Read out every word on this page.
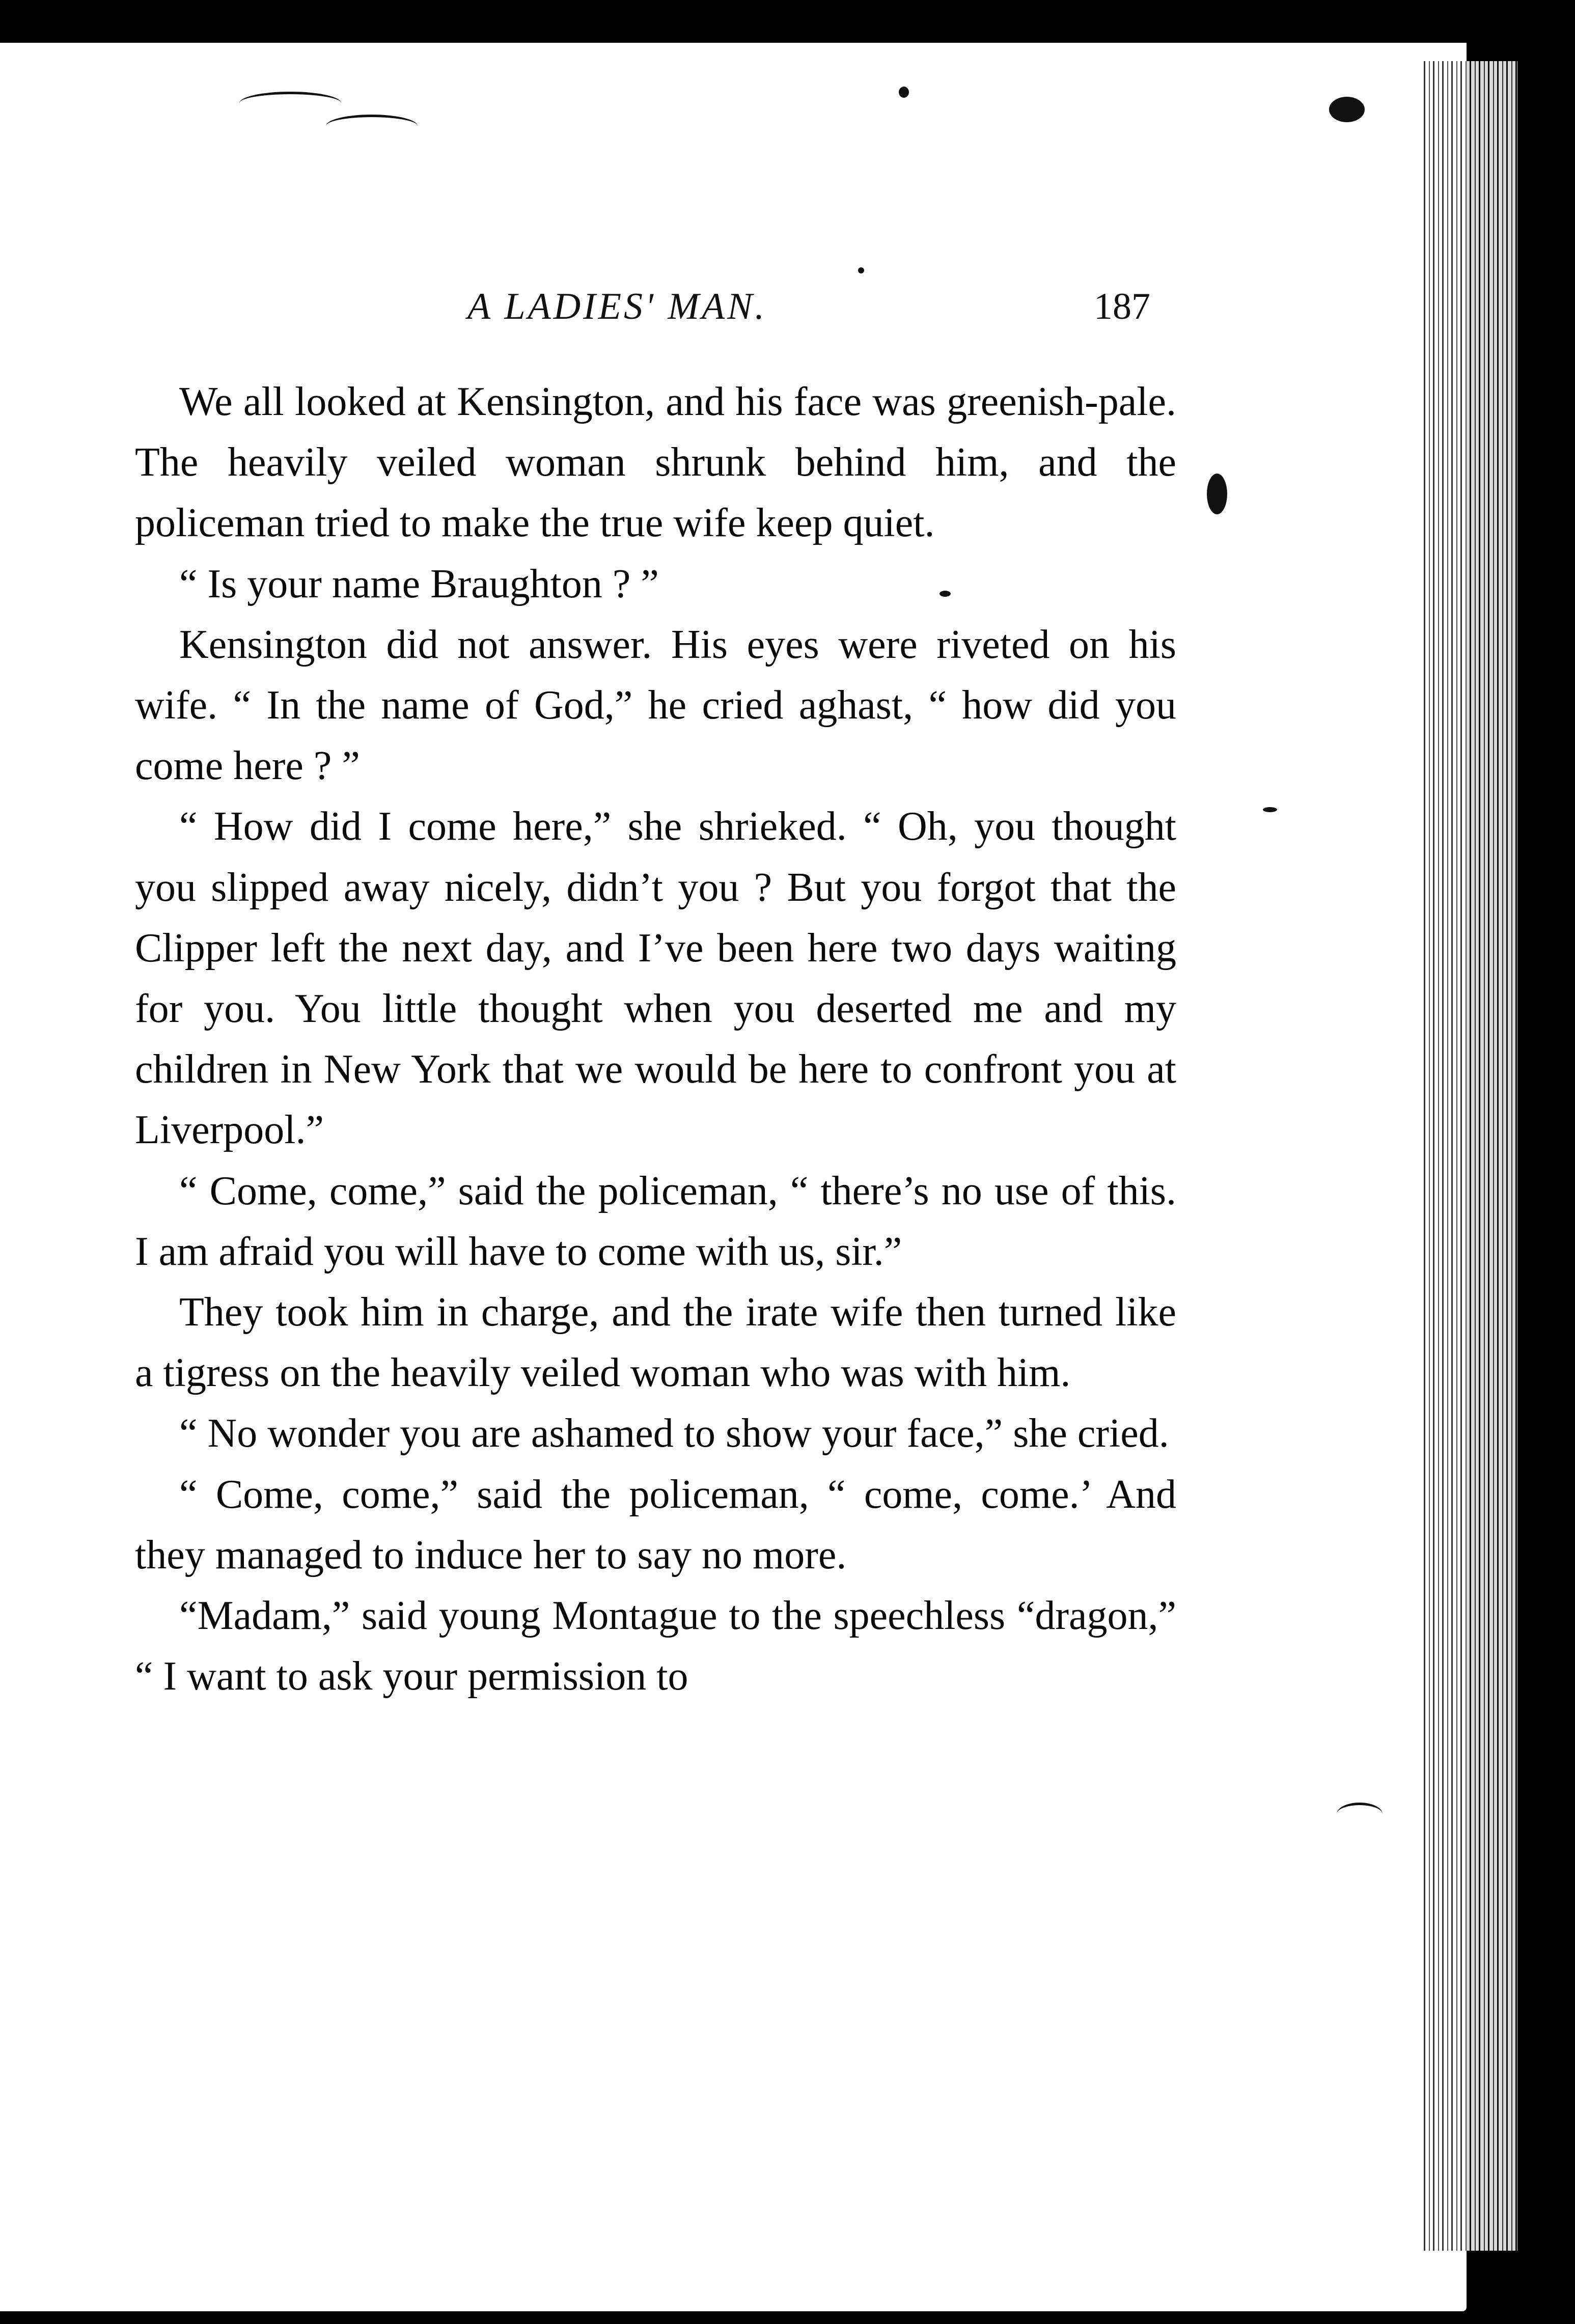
A LADIES' MAN.	187

We all looked at Kensington, and his face was greenish-pale. The heavily veiled woman shrunk behind him, and the policeman tried to make the true wife keep quiet.

“ Is your name Braughton ? ”

Kensington did not answer. His eyes were riveted on his wife. “ In the name of God,” he cried aghast, “ how did you come here ? ”

“ How did I come here,” she shrieked. “ Oh, you thought you slipped away nicely, didn’t you ? But you forgot that the Clipper left the next day, and I’ve been here two days waiting for you. You little thought when you deserted me and my children in New York that we would be here to confront you at Liverpool.”

“ Come, come,” said the policeman, “ there’s no use of this. I am afraid you will have to come with us, sir.”

They took him in charge, and the irate wife then turned like a tigress on the heavily veiled woman who was with him.

“ No wonder you are ashamed to show your face,” she cried.

“ Come, come,” said the policeman, “ come, come.’ And they managed to induce her to say no more.

“Madam,” said young Montague to the speechless “dragon,” “ I want to ask your permission to
